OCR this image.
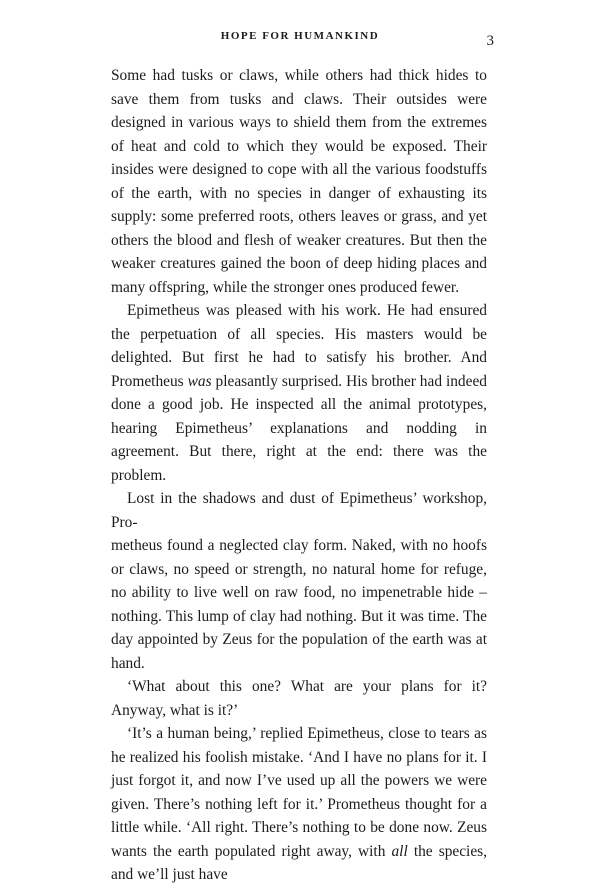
HOPE FOR HUMANKIND	3

Some had tusks or claws, while others had thick hides to save them from tusks and claws. Their outsides were designed in various ways to shield them from the extremes of heat and cold to which they would be exposed. Their insides were designed to cope with all the various foodstuffs of the earth, with no species in danger of exhausting its supply: some preferred roots, others leaves or grass, and yet others the blood and flesh of weaker creatures. But then the weaker creatures gained the boon of deep hiding places and many offspring, while the stronger ones produced fewer.

Epimetheus was pleased with his work. He had ensured the perpetuation of all species. His masters would be delighted. But first he had to satisfy his brother. And Prometheus was pleasantly surprised. His brother had indeed done a good job. He inspected all the animal prototypes, hearing Epimetheus’ explanations and nodding in agreement. But there, right at the end: there was the problem.

Lost in the shadows and dust of Epimetheus’ workshop, Pro-
metheus found a neglected clay form. Naked, with no hoofs or claws, no speed or strength, no natural home for refuge, no ability to live well on raw food, no impenetrable hide – nothing. This lump of clay had nothing. But it was time. The day appointed by Zeus for the population of the earth was at hand.

‘What about this one? What are your plans for it? Anyway, what is it?’

‘It’s a human being,’ replied Epimetheus, close to tears as he realized his foolish mistake. ‘And I have no plans for it. I just forgot it, and now I’ve used up all the powers we were given. There’s nothing left for it.’ Prometheus thought for a little while. ‘All right. There’s nothing to be done now. Zeus wants the earth populated right away, with all the species, and we’ll just have
